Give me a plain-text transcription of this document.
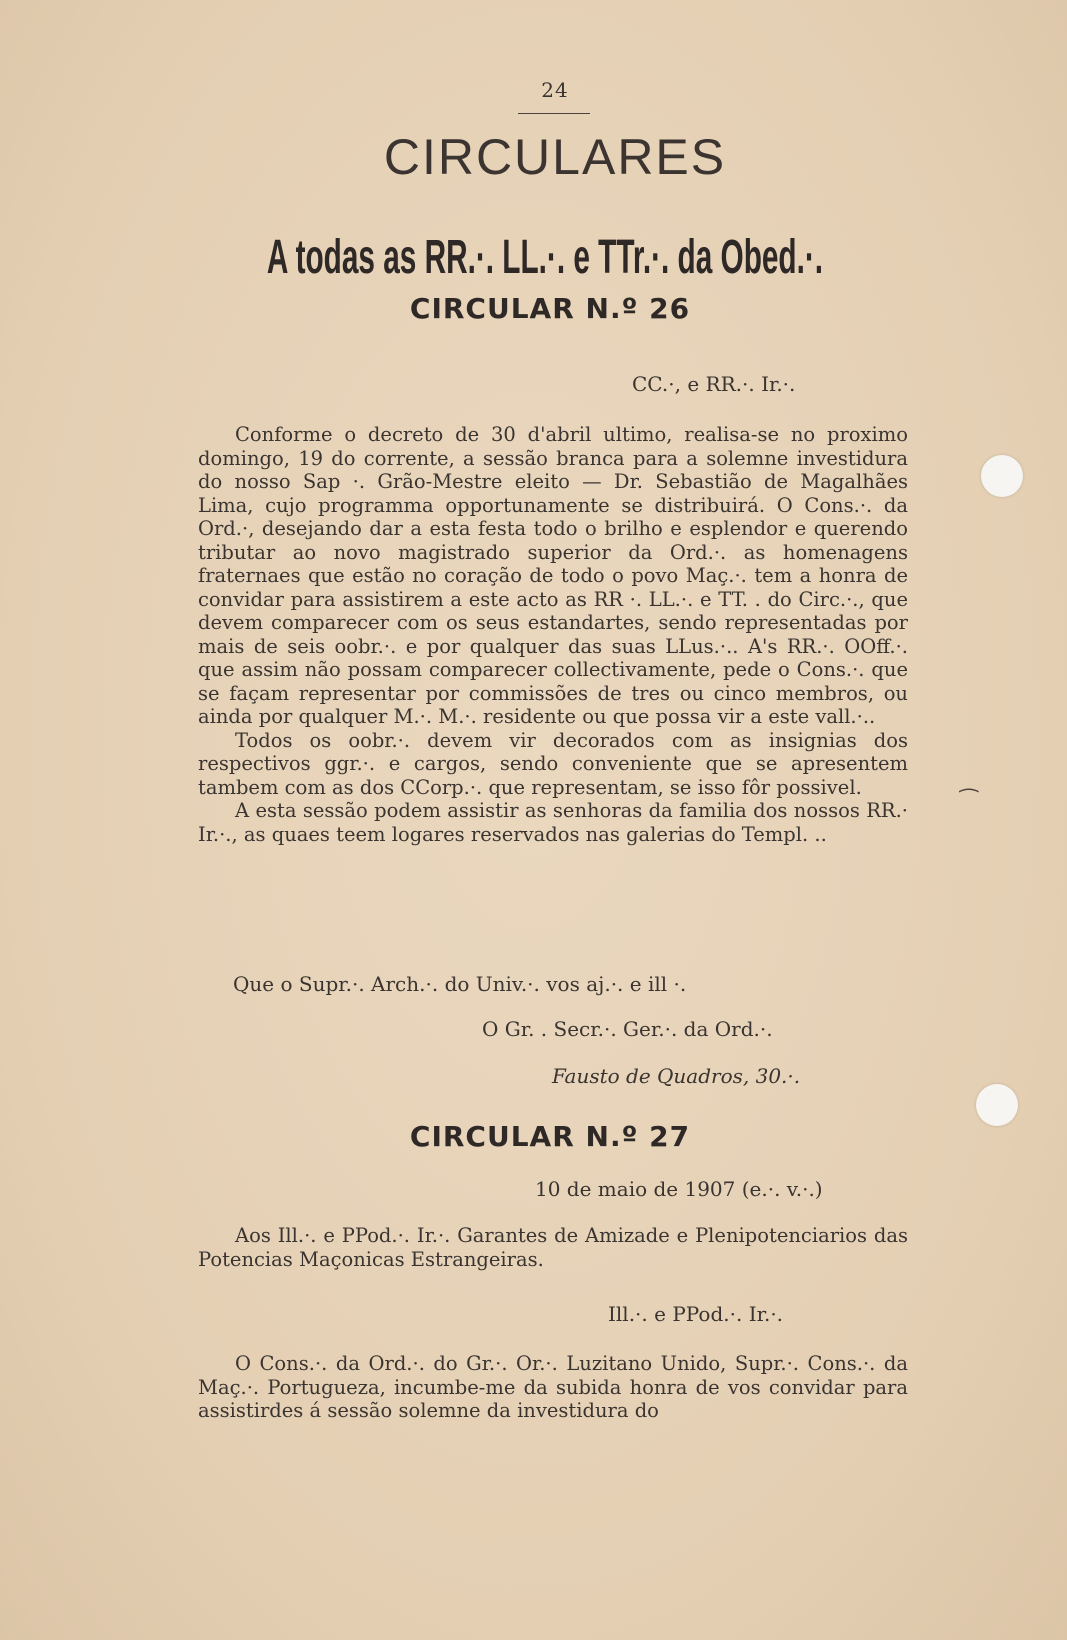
24
CIRCULARES
A todas as RR.·. LL.·. e TTr.·. da Obed.·.
CIRCULAR N.º 26
CC.·, e RR.·. Ir.·.

Conforme o decreto de 30 d'abril ultimo, realisa-se no proximo domingo, 19 do corrente, a sessão branca para a solemne investidura do nosso Sap ·. Grão-Mestre eleito — Dr. Sebastião de Magalhães Lima, cujo programma opportunamente se distribuirá. O Cons.·. da Ord.·, desejando dar a esta festa todo o brilho e esplendor e querendo tributar ao novo magistrado superior da Ord.·. as homenagens fraternaes que estão no coração de todo o povo Maç.·. tem a honra de convidar para assistirem a este acto as RR ·. LL.·. e TT. . do Circ.·., que devem comparecer com os seus estandartes, sendo representadas por mais de seis oobr.·. e por qualquer das suas LLus.·.. A's RR.·. OOff.·. que assim não possam comparecer collectivamente, pede o Cons.·. que se façam representar por commissões de tres ou cinco membros, ou ainda por qualquer M.·. M.·. residente ou que possa vir a este vall.·..

Todos os oobr.·. devem vir decorados com as insignias dos respectivos ggr.·. e cargos, sendo conveniente que se apresentem tambem com as dos CCorp.·. que representam, se isso fôr possivel.

A esta sessão podem assistir as senhoras da familia dos nossos RR.· Ir.·., as quaes teem logares reservados nas galerias do Templ. ..

Que o Supr.·. Arch.·. do Univ.·. vos aj.·. e ill ·.
O Gr. . Secr.·. Ger.·. da Ord.·.
Fausto de Quadros, 30.·.
CIRCULAR N.º 27
10 de maio de 1907 (e.·. v.·.)

Aos Ill.·. e PPod.·. Ir.·. Garantes de Amizade e Plenipotenciarios das Potencias Maçonicas Estrangeiras.

Ill.·. e PPod.·. Ir.·.

O Cons.·. da Ord.·. do Gr.·. Or.·. Luzitano Unido, Supr.·. Cons.·. da Maç.·. Portugueza, incumbe-me da subida honra de vos convidar para assistirdes á sessão solemne da investidura do

⁀
